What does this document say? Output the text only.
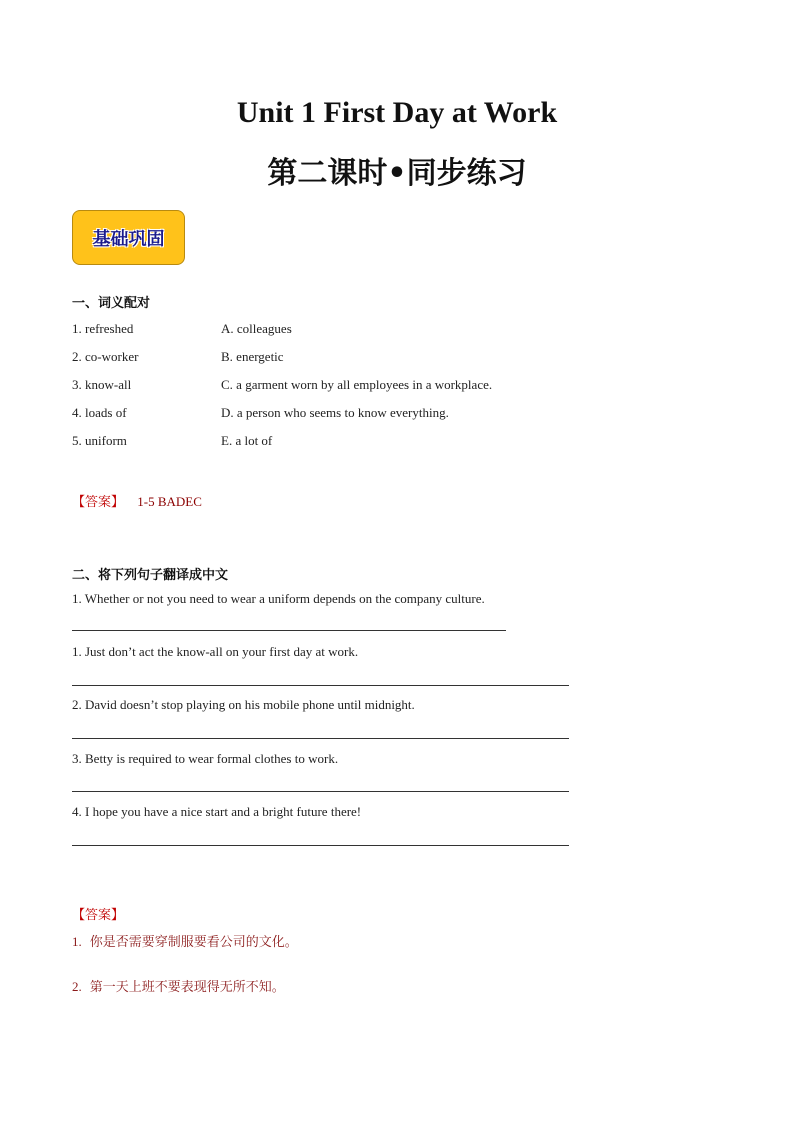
Unit 1 First Day at Work
第二课时•同步练习
基础巩固
一、词义配对
1. refreshed	A. colleagues
2. co-worker	B. energetic
3. know-all	C. a garment worn by all employees in a workplace.
4. loads of	D. a person who seems to know everything.
5. uniform	E. a lot of
【答案】 1-5 BADEC
二、将下列句子翻译成中文
1. Whether or not you need to wear a uniform depends on the company culture.
1. Just don’t act the know-all on your first day at work.
2. David doesn’t stop playing on his mobile phone until midnight.
3. Betty is required to wear formal clothes to work.
4. I hope you have a nice start and a bright future there!
【答案】
1. 你是否需要穿制服要看公司的文化。
2. 第一天上班不要表现得无所不知。
